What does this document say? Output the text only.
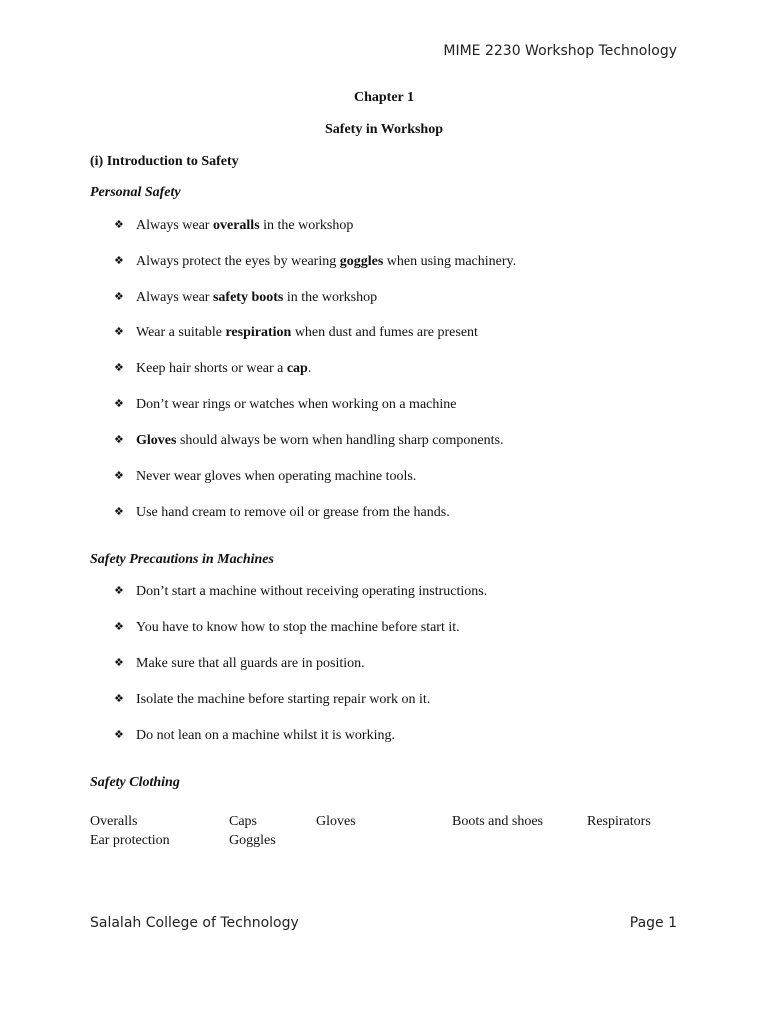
MIME 2230 Workshop Technology
Chapter 1
Safety in Workshop
(i) Introduction to Safety
Personal Safety
❖ Always wear overalls in the workshop
❖ Always protect the eyes by wearing goggles when using machinery.
❖ Always wear safety boots in the workshop
❖ Wear a suitable respiration when dust and fumes are present
❖ Keep hair shorts or wear a cap.
❖ Don’t wear rings or watches when working on a machine
❖ Gloves should always be worn when handling sharp components.
❖ Never wear gloves when operating machine tools.
❖ Use hand cream to remove oil or grease from the hands.
Safety Precautions in Machines
❖ Don’t start a machine without receiving operating instructions.
❖ You have to know how to stop the machine before start it.
❖ Make sure that all guards are in position.
❖ Isolate the machine before starting repair work on it.
❖ Do not lean on a machine whilst it is working.
Safety Clothing
Overalls	Caps	Gloves	Boots and shoes	Respirators
Ear protection	Goggles
Salalah College of Technology	Page 1
